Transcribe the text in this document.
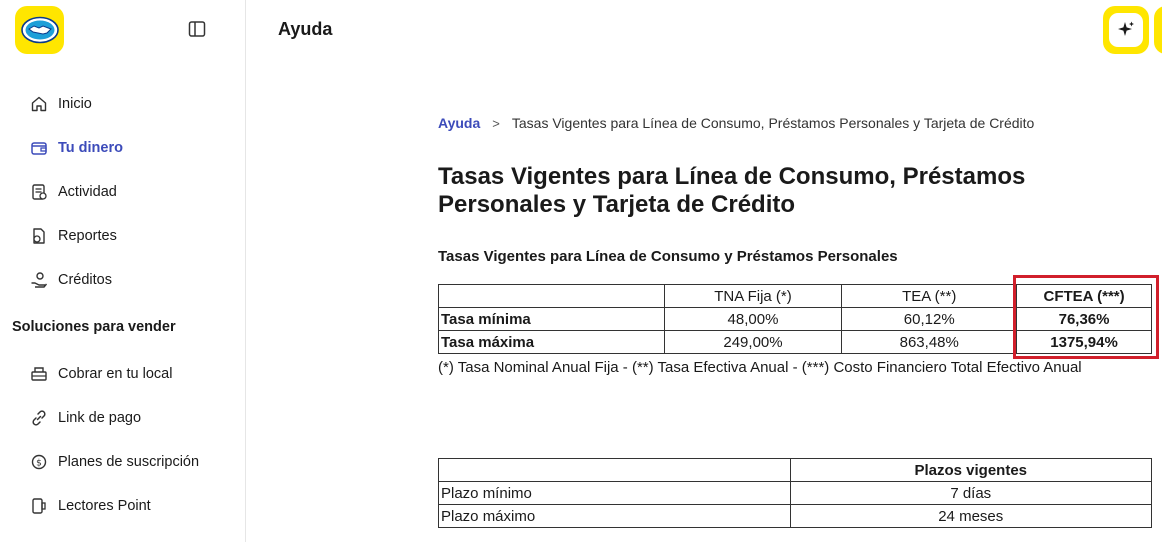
Inicio
Tu dinero
Actividad
Reportes
Créditos
Soluciones para vender
Cobrar en tu local
Link de pago
$ Planes de suscripción
Lectores Point
Ayuda
Ayuda > Tasas Vigentes para Línea de Consumo, Préstamos Personales y Tarjeta de Crédito
Tasas Vigentes para Línea de Consumo, Préstamos Personales y Tarjeta de Crédito
Tasas Vigentes para Línea de Consumo y Préstamos Personales
	TNA Fija (*)	TEA (**)	CFTEA (***)
Tasa mínima	48,00%	60,12%	76,36%
Tasa máxima	249,00%	863,48%	1375,94%

(*) Tasa Nominal Anual Fija - (**) Tasa Efectiva Anual - (***) Costo Financiero Total Efectivo Anual

	Plazos vigentes
Plazo mínimo	7 días
Plazo máximo	24 meses
